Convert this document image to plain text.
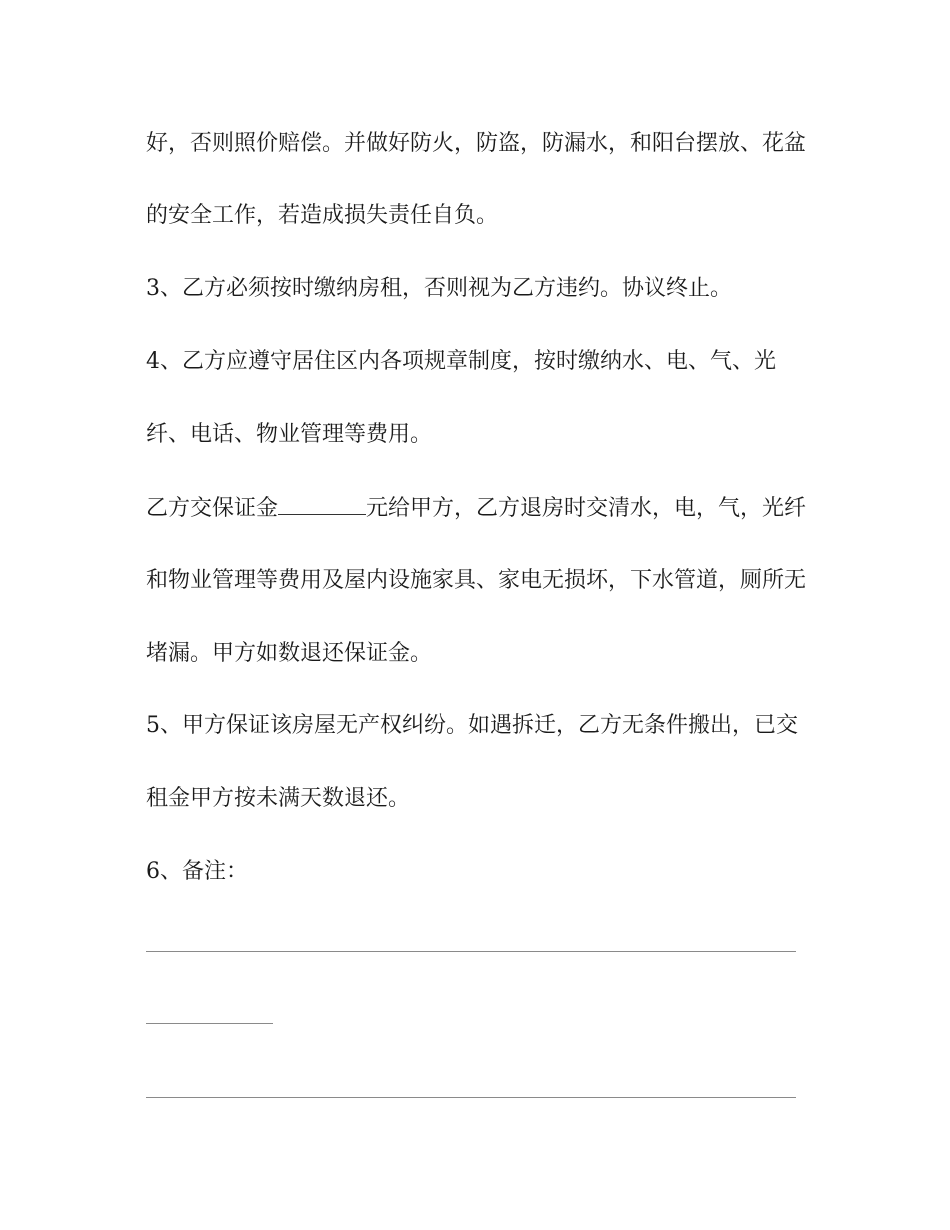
好，否则照价赔偿。并做好防火，防盗，防漏水，和阳台摆放、花盆
的安全工作，若造成损失责任自负。
3、乙方必须按时缴纳房租，否则视为乙方违约。协议终止。
4、乙方应遵守居住区内各项规章制度，按时缴纳水、电、气、光
纤、电话、物业管理等费用。
乙方交保证金	元给甲方，乙方退房时交清水，电，气，光纤
和物业管理等费用及屋内设施家具、家电无损坏，下水管道，厕所无
堵漏。甲方如数退还保证金。
5、甲方保证该房屋无产权纠纷。如遇拆迁，乙方无条件搬出，已交
租金甲方按未满天数退还。
6、备注：
